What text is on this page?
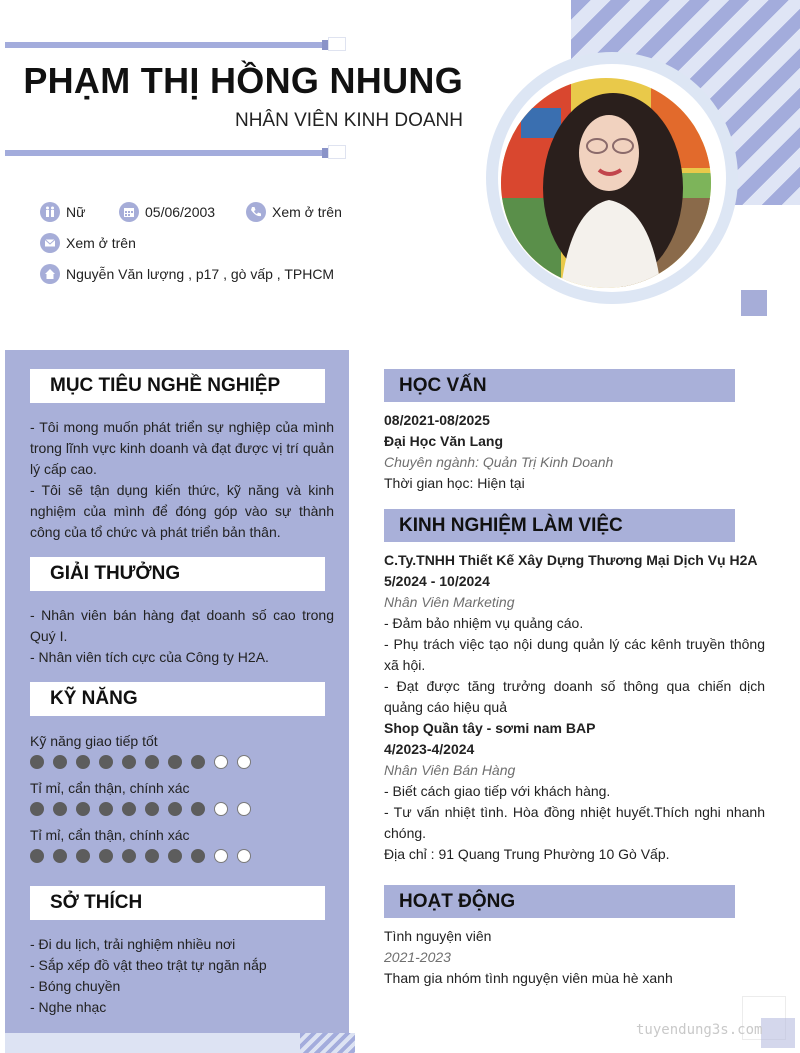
PHẠM THỊ HỒNG NHUNG
NHÂN VIÊN KINH DOANH
Nữ	05/06/2003	Xem ở trên
Xem ở trên
Nguyễn Văn lượng , p17 , gò vấp , TPHCM
MỤC TIÊU NGHỀ NGHIỆP
- Tôi mong muốn phát triển sự nghiệp của mình trong lĩnh vực kinh doanh và đạt được vị trí quản lý cấp cao.
- Tôi sẽ tận dụng kiến thức, kỹ năng và kinh nghiệm của mình để đóng góp vào sự thành công của tổ chức và phát triển bản thân.
GIẢI THƯỞNG
- Nhân viên bán hàng đạt doanh số cao trong Quý I.
- Nhân viên tích cực của Công ty H2A.
KỸ NĂNG
Kỹ năng giao tiếp tốt
Tỉ mỉ, cẩn thận, chính xác
Tỉ mỉ, cẩn thận, chính xác
SỞ THÍCH
- Đi du lịch, trải nghiệm nhiều nơi
- Sắp xếp đồ vật theo trật tự ngăn nắp
- Bóng chuyền
- Nghe nhạc
HỌC VẤN
08/2021-08/2025
Đại Học Văn Lang
Chuyên ngành: Quản Trị Kinh Doanh
Thời gian học: Hiện tại
KINH NGHIỆM LÀM VIỆC
C.Ty.TNHH Thiết Kế Xây Dựng Thương Mại Dịch Vụ H2A
5/2024 - 10/2024
Nhân Viên Marketing
- Đảm bảo nhiệm vụ quảng cáo.
- Phụ trách việc tạo nội dung quản lý các kênh truyền thông xã hội.
- Đạt được tăng trưởng doanh số thông qua chiến dịch quảng cáo hiệu quả
Shop Quần tây - sơmi nam BAP
4/2023-4/2024
Nhân Viên Bán Hàng
- Biết cách giao tiếp với khách hàng.
- Tư vấn nhiệt tình. Hòa đồng nhiệt huyết.Thích nghi nhanh chóng.
Địa chỉ : 91 Quang Trung Phường 10 Gò Vấp.
HOẠT ĐỘNG
Tình nguyện viên
2021-2023
Tham gia nhóm tình nguyện viên mùa hè xanh
tuyendung3s.com
